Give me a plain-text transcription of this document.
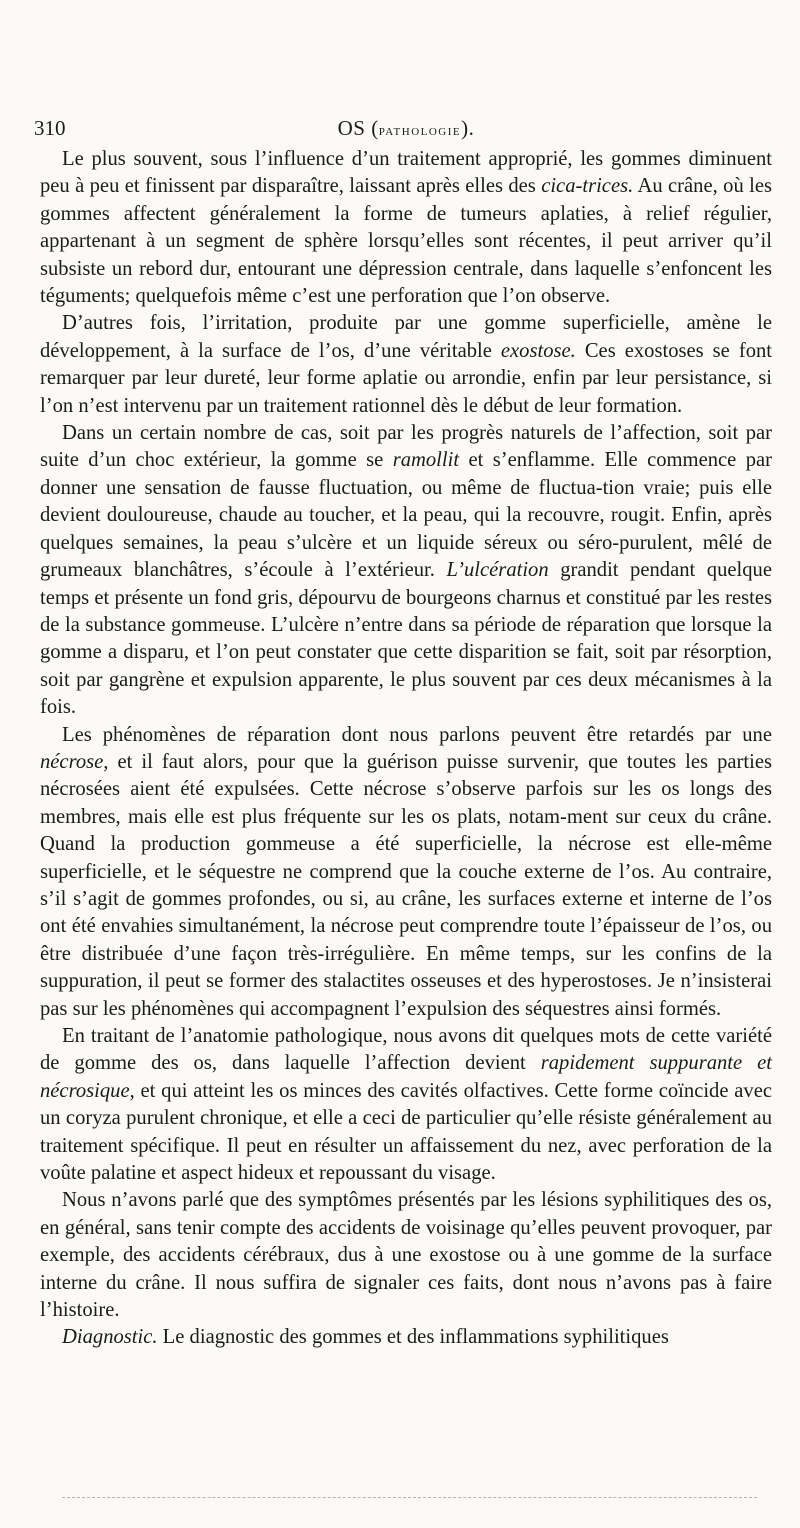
310	OS (pathologie).

Le plus souvent, sous l’influence d’un traitement approprié, les gommes diminuent peu à peu et finissent par disparaître, laissant après elles des cica-trices. Au crâne, où les gommes affectent généralement la forme de tumeurs aplaties, à relief régulier, appartenant à un segment de sphère lorsqu’elles sont récentes, il peut arriver qu’il subsiste un rebord dur, entourant une dépression centrale, dans laquelle s’enfoncent les téguments; quelquefois même c’est une perforation que l’on observe.

D’autres fois, l’irritation, produite par une gomme superficielle, amène le développement, à la surface de l’os, d’une véritable exostose. Ces exostoses se font remarquer par leur dureté, leur forme aplatie ou arrondie, enfin par leur persistance, si l’on n’est intervenu par un traitement rationnel dès le début de leur formation.

Dans un certain nombre de cas, soit par les progrès naturels de l’affection, soit par suite d’un choc extérieur, la gomme se ramollit et s’enflamme. Elle commence par donner une sensation de fausse fluctuation, ou même de fluctua-tion vraie; puis elle devient douloureuse, chaude au toucher, et la peau, qui la recouvre, rougit. Enfin, après quelques semaines, la peau s’ulcère et un liquide séreux ou séro-purulent, mêlé de grumeaux blanchâtres, s’écoule à l’extérieur. L’ulcération grandit pendant quelque temps et présente un fond gris, dépourvu de bourgeons charnus et constitué par les restes de la substance gommeuse. L’ulcère n’entre dans sa période de réparation que lorsque la gomme a disparu, et l’on peut constater que cette disparition se fait, soit par résorption, soit par gangrène et expulsion apparente, le plus souvent par ces deux mécanismes à la fois.

Les phénomènes de réparation dont nous parlons peuvent être retardés par une nécrose, et il faut alors, pour que la guérison puisse survenir, que toutes les parties nécrosées aient été expulsées. Cette nécrose s’observe parfois sur les os longs des membres, mais elle est plus fréquente sur les os plats, notam-ment sur ceux du crâne. Quand la production gommeuse a été superficielle, la nécrose est elle-même superficielle, et le séquestre ne comprend que la couche externe de l’os. Au contraire, s’il s’agit de gommes profondes, ou si, au crâne, les surfaces externe et interne de l’os ont été envahies simultanément, la nécrose peut comprendre toute l’épaisseur de l’os, ou être distribuée d’une façon très-irrégulière. En même temps, sur les confins de la suppuration, il peut se former des stalactites osseuses et des hyperostoses. Je n’insisterai pas sur les phénomènes qui accompagnent l’expulsion des séquestres ainsi formés.

En traitant de l’anatomie pathologique, nous avons dit quelques mots de cette variété de gomme des os, dans laquelle l’affection devient rapidement suppurante et nécrosique, et qui atteint les os minces des cavités olfactives. Cette forme coïncide avec un coryza purulent chronique, et elle a ceci de particulier qu’elle résiste généralement au traitement spécifique. Il peut en résulter un affaissement du nez, avec perforation de la voûte palatine et aspect hideux et repoussant du visage.

Nous n’avons parlé que des symptômes présentés par les lésions syphilitiques des os, en général, sans tenir compte des accidents de voisinage qu’elles peuvent provoquer, par exemple, des accidents cérébraux, dus à une exostose ou à une gomme de la surface interne du crâne. Il nous suffira de signaler ces faits, dont nous n’avons pas à faire l’histoire.

Diagnostic. Le diagnostic des gommes et des inflammations syphilitiques
